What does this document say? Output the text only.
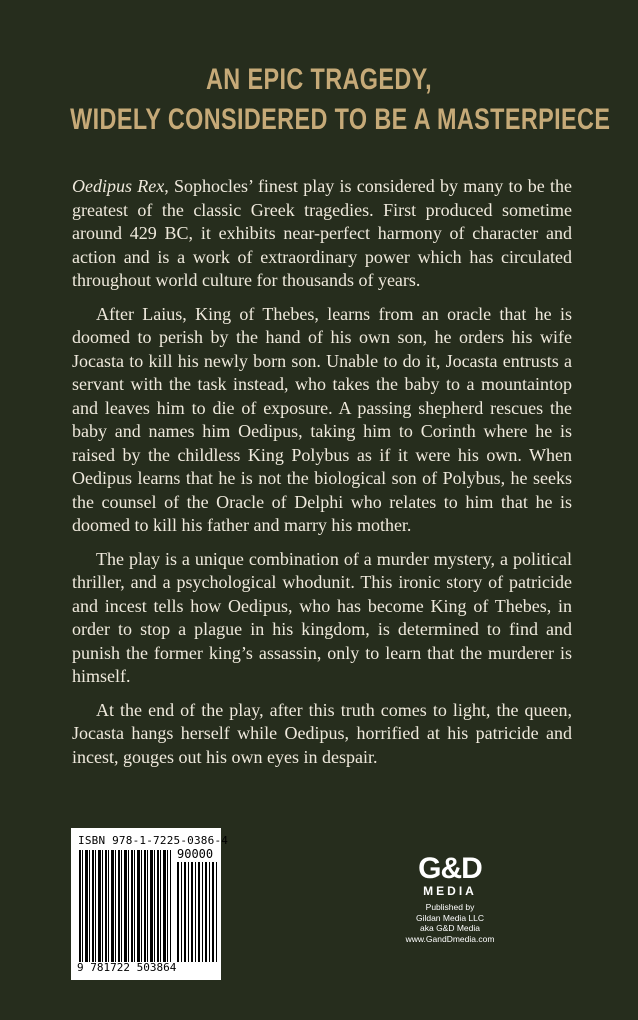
AN EPIC TRAGEDY,
WIDELY CONSIDERED TO BE A MASTERPIECE

Oedipus Rex, Sophocles’ finest play is considered by many to be the greatest of the classic Greek tragedies. First produced sometime around 429 BC, it exhibits near-perfect harmony of character and action and is a work of extraordinary power which has circulated throughout world culture for thousands of years.

After Laius, King of Thebes, learns from an oracle that he is doomed to perish by the hand of his own son, he orders his wife Jocasta to kill his newly born son. Unable to do it, Jocasta entrusts a servant with the task instead, who takes the baby to a mountaintop and leaves him to die of exposure. A passing shepherd rescues the baby and names him Oedipus, taking him to Corinth where he is raised by the childless King Polybus as if it were his own. When Oedipus learns that he is not the biological son of Polybus, he seeks the counsel of the Oracle of Delphi who relates to him that he is doomed to kill his father and marry his mother.

The play is a unique combination of a murder mystery, a political thriller, and a psychological whodunit. This ironic story of patricide and incest tells how Oedipus, who has become King of Thebes, in order to stop a plague in his kingdom, is determined to find and punish the former king’s assassin, only to learn that the murderer is himself.

At the end of the play, after this truth comes to light, the queen, Jocasta hangs herself while Oedipus, horrified at his patricide and incest, gouges out his own eyes in despair.

ISBN 978-1-7225-0386-4
90000
9 781722 503864
G&D
MEDIA
Published by
Gildan Media LLC
aka G&D Media
www.GandDmedia.com
